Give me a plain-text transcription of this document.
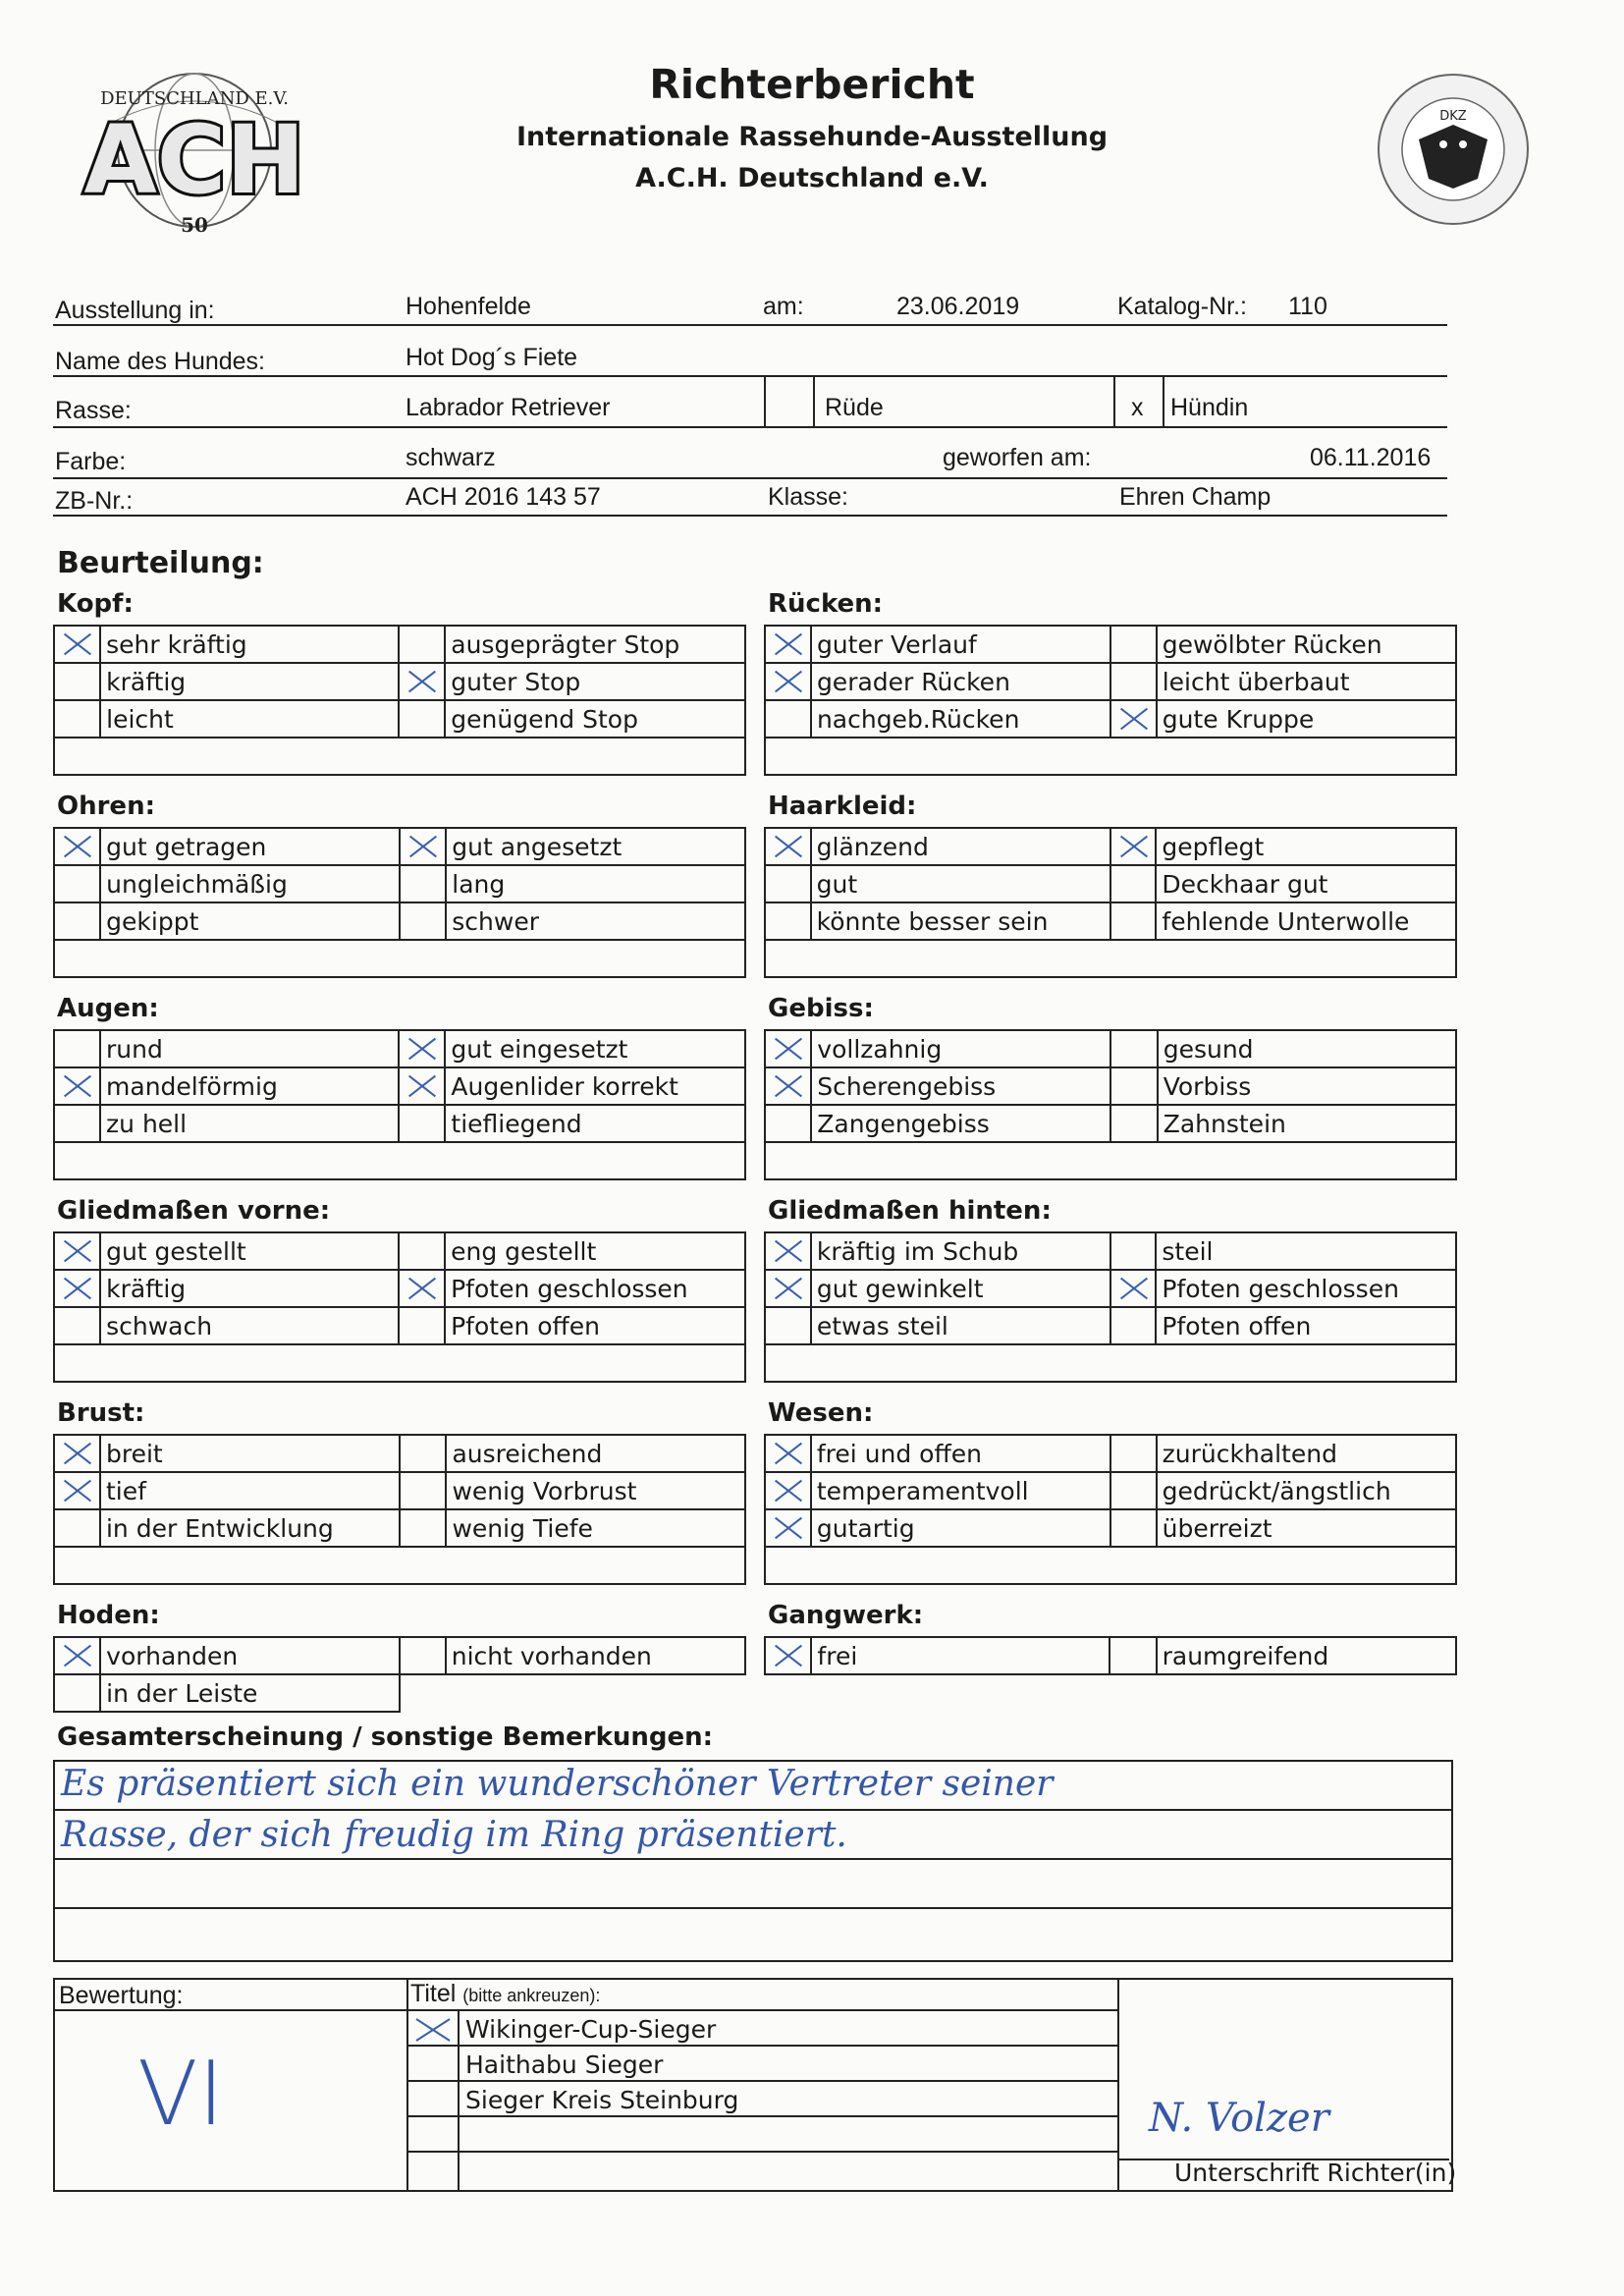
DEUTSCHLAND E.V.
ACH
50
Richterbericht
Internationale Rassehunde-Ausstellung
A.C.H. Deutschland e.V.
DKZ
Ausstellung in:	Hohenfelde	am:	23.06.2019	Katalog-Nr.: 110
Name des Hundes:	Hot Dog´s Fiete
Rasse:	Labrador Retriever	Rüde	x Hündin
Farbe:	schwarz	geworfen am:	06.11.2016
ZB-Nr.:	ACH 2016 143 57	Klasse:	Ehren Champ
Beurteilung:
Kopf:
	sehr kräftig		ausgeprägter Stop
	kräftig		guter Stop
	leicht		genügend Stop

Rücken:
	guter Verlauf		gewölbter Rücken
	gerader Rücken		leicht überbaut
	nachgeb.Rücken		gute Kruppe

Ohren:
	gut getragen		gut angesetzt
	ungleichmäßig		lang
	gekippt		schwer

Haarkleid:
	glänzend		gepflegt
	gut		Deckhaar gut
	könnte besser sein		fehlende Unterwolle

Augen:
	rund		gut eingesetzt
	mandelförmig		Augenlider korrekt
	zu hell		tiefliegend

Gebiss:
	vollzahnig		gesund
	Scherengebiss		Vorbiss
	Zangengebiss		Zahnstein

Gliedmaßen vorne:
	gut gestellt		eng gestellt
	kräftig		Pfoten geschlossen
	schwach		Pfoten offen

Gliedmaßen hinten:
	kräftig im Schub		steil
	gut gewinkelt		Pfoten geschlossen
	etwas steil		Pfoten offen

Brust:
	breit		ausreichend
	tief		wenig Vorbrust
	in der Entwicklung		wenig Tiefe

Wesen:
	frei und offen		zurückhaltend
	temperamentvoll		gedrückt/ängstlich
	gutartig		überreizt

Hoden:
	vorhanden		nicht vorhanden
	in der Leiste		
Gangwerk:
	frei		raumgreifend
Gesamterscheinung / sonstige Bemerkungen:
Es präsentiert sich ein wunderschöner Vertreter seiner
Rasse, der sich freudig im Ring präsentiert.
Bewertung:
VI
Titel (bitte ankreuzen):
Wikinger-Cup-Sieger
Haithabu Sieger
Sieger Kreis Steinburg	N. Volzer
Unterschrift Richter(in)
